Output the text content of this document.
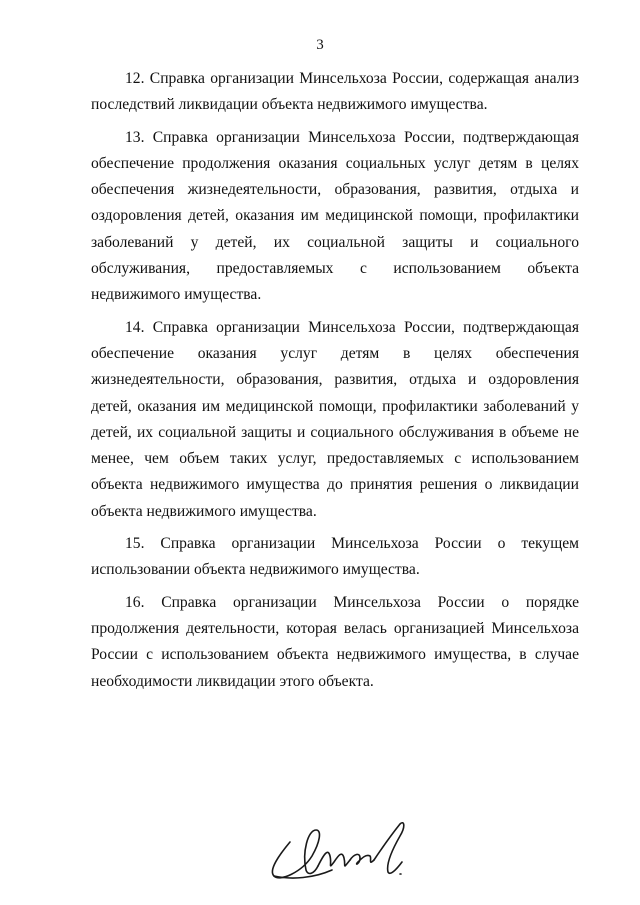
3

12. Справка организации Минсельхоза России, содержащая анализ последствий ликвидации объекта недвижимого имущества.

13. Справка организации Минсельхоза России, подтверждающая обеспечение продолжения оказания социальных услуг детям в целях обеспечения жизнедеятельности, образования, развития, отдыха и оздоровления детей, оказания им медицинской помощи, профилактики заболеваний у детей, их социальной защиты и социального обслуживания, предоставляемых с использованием объекта недвижимого имущества.

14. Справка организации Минсельхоза России, подтверждающая обеспечение оказания услуг детям в целях обеспечения жизнедеятельности, образования, развития, отдыха и оздоровления детей, оказания им медицинской помощи, профилактики заболеваний у детей, их социальной защиты и социального обслуживания в объеме не менее, чем объем таких услуг, предоставляемых с использованием объекта недвижимого имущества до принятия решения о ликвидации объекта недвижимого имущества.

15. Справка организации Минсельхоза России о текущем использовании объекта недвижимого имущества.

16. Справка организации Минсельхоза России о порядке продолжения деятельности, которая велась организацией Минсельхоза России с использованием объекта недвижимого имущества, в случае необходимости ликвидации этого объекта.
